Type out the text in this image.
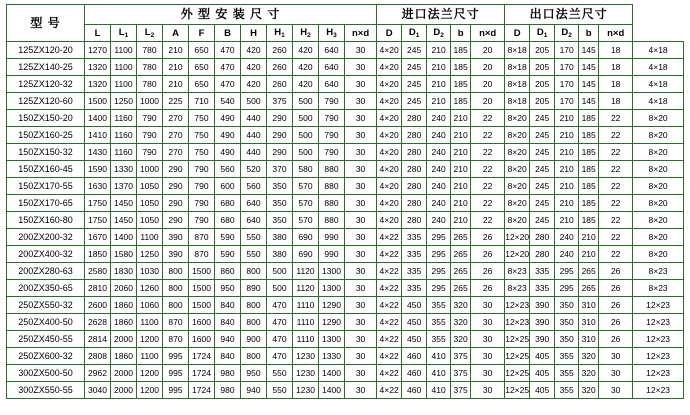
型 号	外 型 安 装 尺 寸											进口法兰尺寸					出口法兰尺寸					
	L	$L_1$	$L_2$	A	F	B	H	$H_1$	$H_2$	$H_3$	n×d	D	$D_1$	$D_2$	b	n×d	D	$D_1$	$D_2$	b	n×d	
125ZX120-20	1270	1100	780	210	650	470	420	260	420	640	30	4×20	245	210	185	20	8×18	205	170	145	18	4×18
125ZX140-25	1320	1100	780	210	650	470	420	260	420	640	30	4×20	245	210	185	20	8×18	205	170	145	18	4×18
125ZX120-32	1320	1100	780	210	650	470	420	260	420	640	30	4×20	245	210	185	20	8×18	205	170	145	18	4×18
125ZX120-60	1500	1250	1000	225	710	540	500	375	500	790	30	4×20	245	210	185	20	8×18	205	170	145	18	4×18
150ZX150-20	1400	1160	790	270	750	490	440	290	500	790	30	4×20	280	240	210	22	8×20	245	210	185	22	8×20
150ZX160-25	1410	1160	790	270	750	490	440	290	500	790	30	4×20	280	240	210	22	8×20	245	210	185	22	8×20
150ZX150-32	1430	1160	790	270	750	490	440	290	500	790	30	4×20	280	240	210	22	8×20	245	210	185	22	8×20
150ZX160-45	1590	1330	1000	290	790	560	520	370	580	880	30	4×20	280	240	210	22	8×20	245	210	185	22	8×20
150ZX170-55	1630	1370	1050	290	790	600	560	350	570	880	30	4×20	280	240	210	22	8×20	245	210	185	22	8×20
150ZX170-65	1750	1450	1050	290	790	680	640	350	570	880	30	4×20	280	240	210	22	8×20	245	210	185	22	8×20
150ZX160-80	1750	1450	1050	290	790	680	640	350	570	880	30	4×20	280	240	210	22	8×20	245	210	185	22	8×20
200ZX200-32	1670	1400	1100	390	870	590	550	380	690	990	30	4×22	335	295	265	26	12×20	280	240	210	22	8×20
200ZX400-32	1850	1580	1250	390	870	590	550	380	690	990	30	4×22	335	295	265	26	12×20	280	240	210	22	8×20
200ZX280-63	2580	1830	1030	800	1500	860	800	500	1120	1300	30	4×22	335	295	265	26	8×23	335	295	265	26	8×23
200ZX350-65	2810	2060	1260	800	1500	950	890	500	1120	1300	30	4×22	335	295	265	26	8×23	335	295	265	26	8×23
250ZX550-32	2600	1860	1060	800	1500	840	800	470	1110	1290	30	4×22	450	355	320	30	12×23	390	350	310	26	12×23
250ZX400-50	2628	1860	1100	870	1600	840	800	470	1110	1290	30	4×22	450	355	320	30	12×23	390	350	310	26	12×23
250ZX450-55	2814	2000	1200	870	1600	940	900	470	1110	1300	30	4×22	450	355	320	30	12×25	390	350	310	26	12×23
250ZX600-32	2808	1860	1100	995	1724	840	800	470	1230	1330	30	4×22	460	410	375	30	12×25	405	355	320	30	12×23
300ZX500-50	2962	2000	1200	995	1724	980	950	550	1230	1400	30	4×22	460	410	375	30	12×25	405	355	320	30	12×23
300ZX550-55	3040	2000	1200	995	1724	980	940	550	1230	1400	30	4×22	460	410	375	30	12×25	405	355	320	30	12×23
